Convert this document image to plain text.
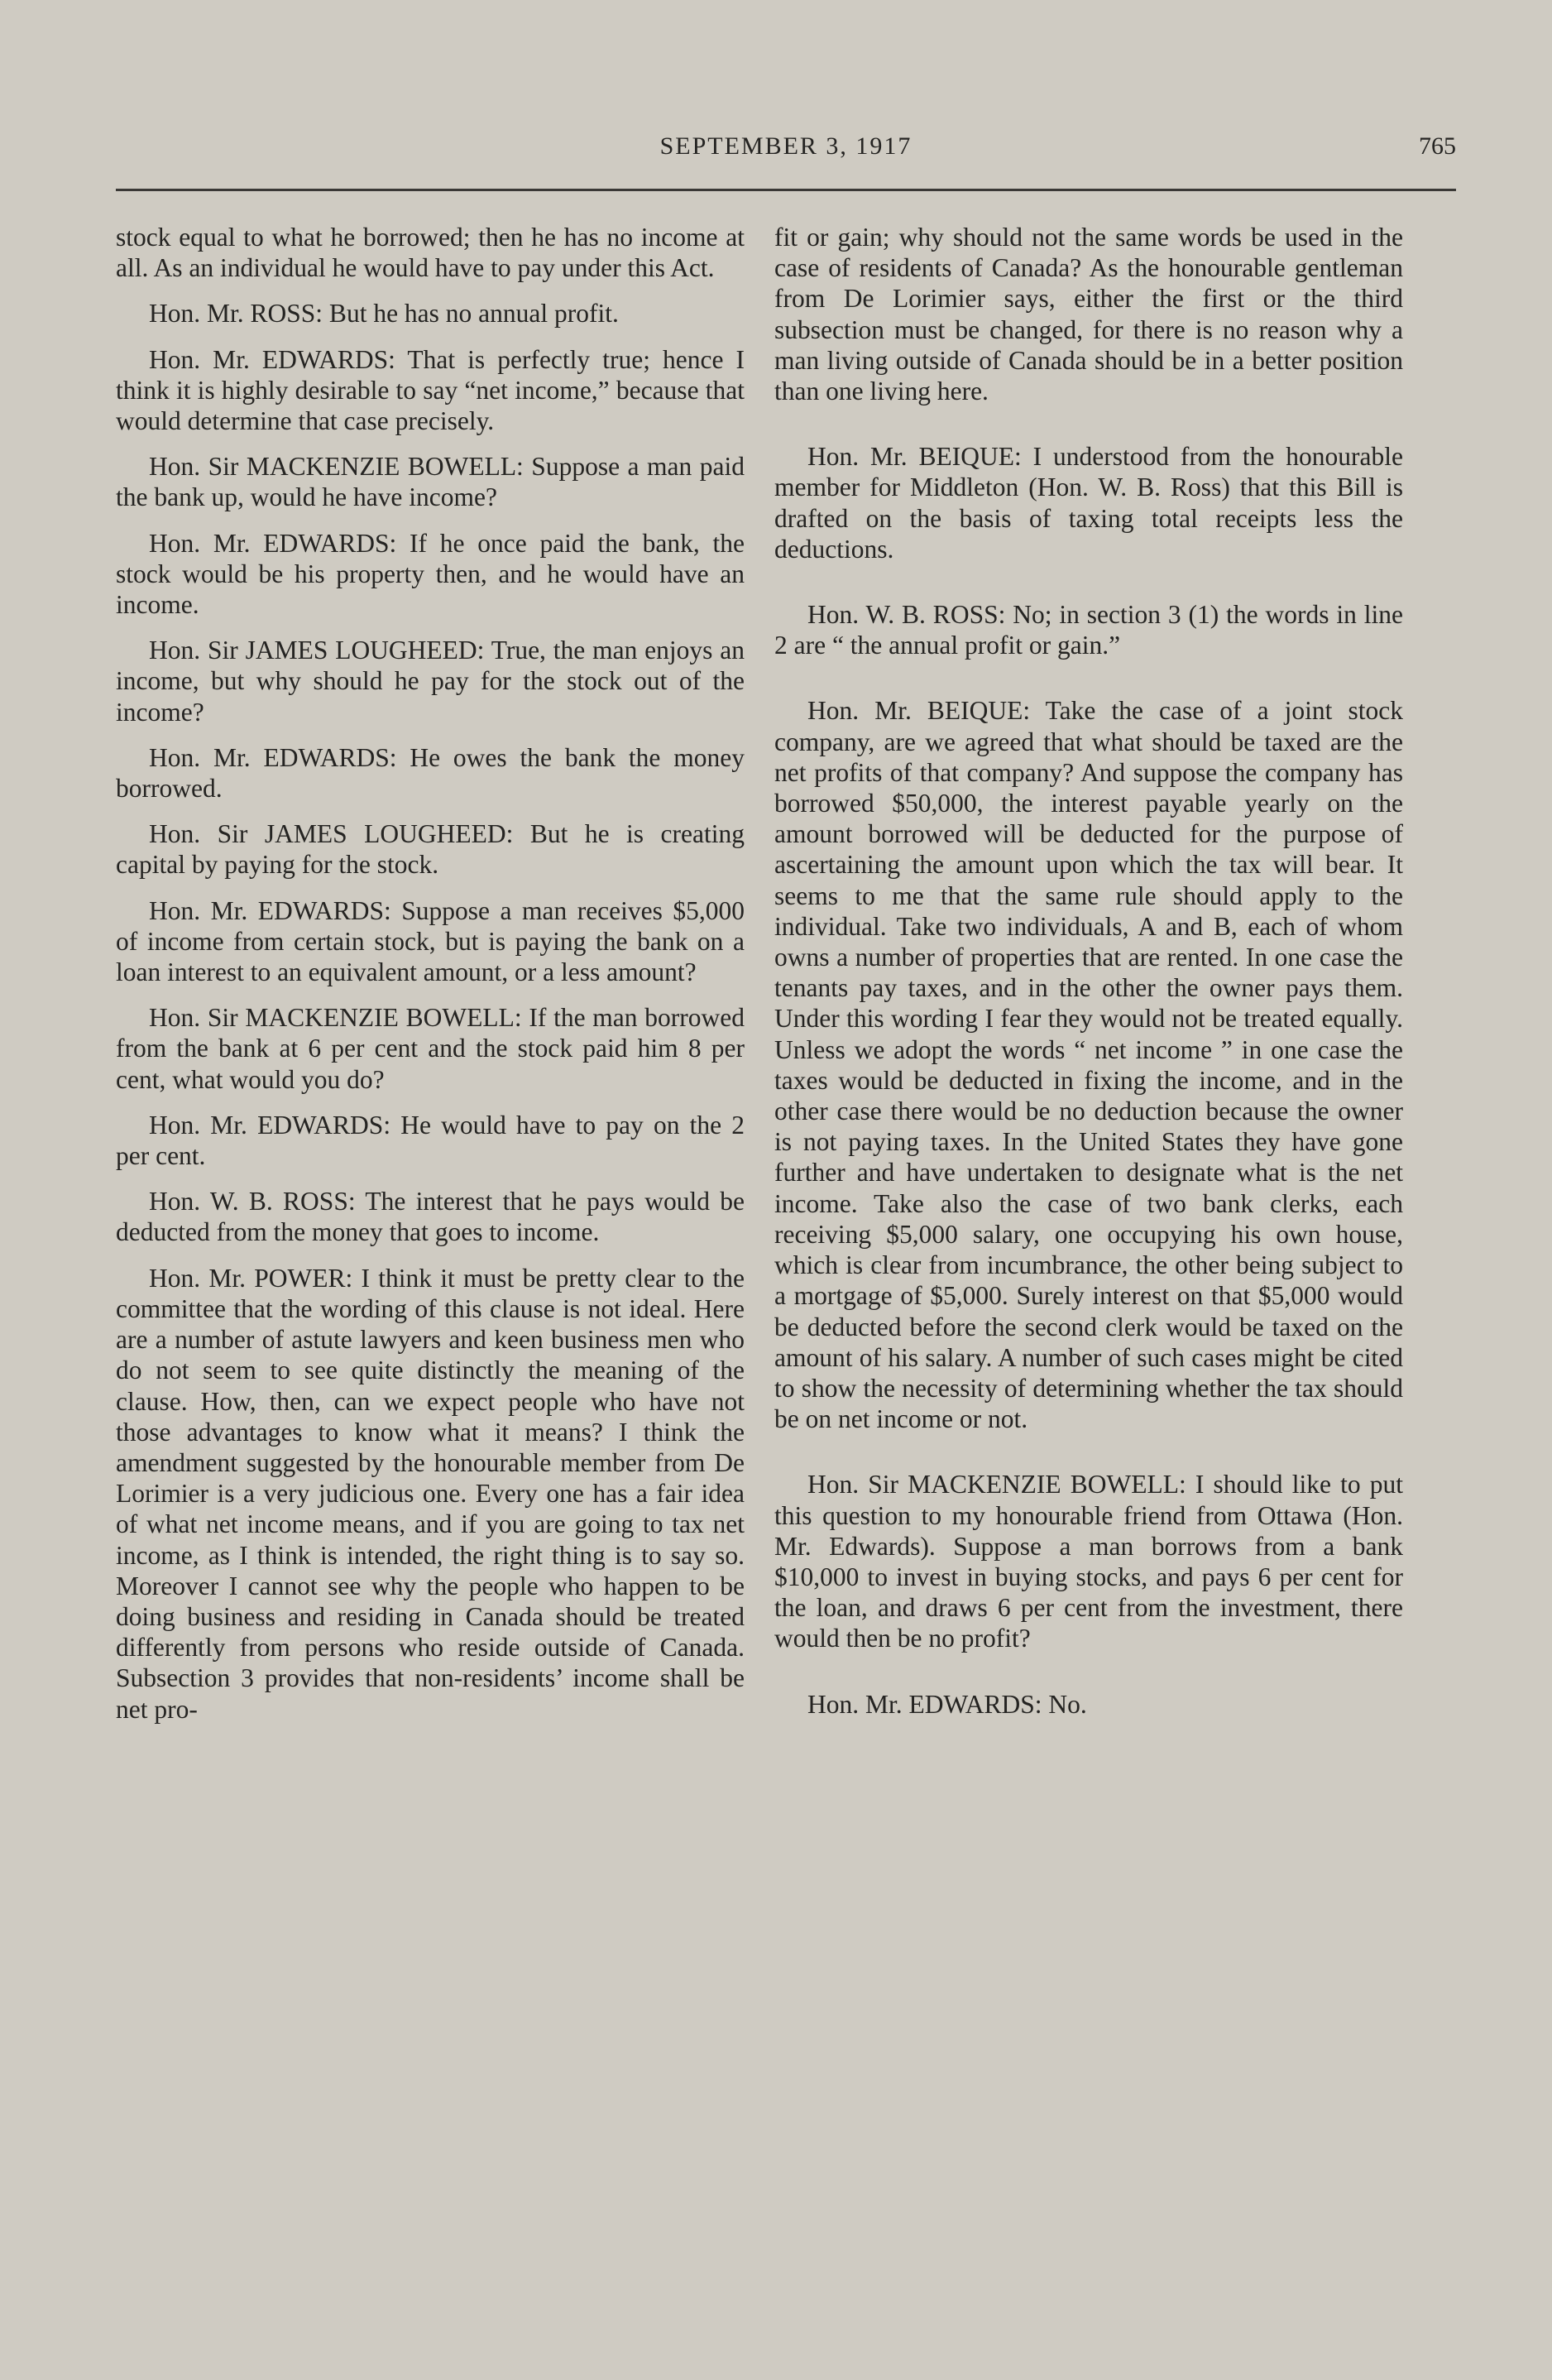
SEPTEMBER 3, 1917	765

stock equal to what he borrowed; then he has no income at all. As an individual he would have to pay under this Act.

Hon. Mr. ROSS: But he has no annual profit.

Hon. Mr. EDWARDS: That is perfectly true; hence I think it is highly desirable to say “net income,” because that would determine that case precisely.

Hon. Sir MACKENZIE BOWELL: Suppose a man paid the bank up, would he have income?

Hon. Mr. EDWARDS: If he once paid the bank, the stock would be his property then, and he would have an income.

Hon. Sir JAMES LOUGHEED: True, the man enjoys an income, but why should he pay for the stock out of the income?

Hon. Mr. EDWARDS: He owes the bank the money borrowed.

Hon. Sir JAMES LOUGHEED: But he is creating capital by paying for the stock.

Hon. Mr. EDWARDS: Suppose a man receives $5,000 of income from certain stock, but is paying the bank on a loan interest to an equivalent amount, or a less amount?

Hon. Sir MACKENZIE BOWELL: If the man borrowed from the bank at 6 per cent and the stock paid him 8 per cent, what would you do?

Hon. Mr. EDWARDS: He would have to pay on the 2 per cent.

Hon. W. B. ROSS: The interest that he pays would be deducted from the money that goes to income.

Hon. Mr. POWER: I think it must be pretty clear to the committee that the wording of this clause is not ideal. Here are a number of astute lawyers and keen business men who do not seem to see quite distinctly the meaning of the clause. How, then, can we expect people who have not those advantages to know what it means? I think the amendment suggested by the honourable member from De Lorimier is a very judicious one. Every one has a fair idea of what net income means, and if you are going to tax net income, as I think is intended, the right thing is to say so. Moreover I cannot see why the people who happen to be doing business and residing in Canada should be treated differently from persons who reside outside of Canada. Subsection 3 provides that non-residents’ income shall be net pro-

fit or gain; why should not the same words be used in the case of residents of Canada? As the honourable gentleman from De Lorimier says, either the first or the third subsection must be changed, for there is no reason why a man living outside of Canada should be in a better position than one living here.

Hon. Mr. BEIQUE: I understood from the honourable member for Middleton (Hon. W. B. Ross) that this Bill is drafted on the basis of taxing total receipts less the deductions.

Hon. W. B. ROSS: No; in section 3 (1) the words in line 2 are “ the annual profit or gain.”

Hon. Mr. BEIQUE: Take the case of a joint stock company, are we agreed that what should be taxed are the net profits of that company? And suppose the company has borrowed $50,000, the interest payable yearly on the amount borrowed will be deducted for the purpose of ascertaining the amount upon which the tax will bear. It seems to me that the same rule should apply to the individual. Take two individuals, A and B, each of whom owns a number of properties that are rented. In one case the tenants pay taxes, and in the other the owner pays them. Under this wording I fear they would not be treated equally. Unless we adopt the words “ net income ” in one case the taxes would be deducted in fixing the income, and in the other case there would be no deduction because the owner is not paying taxes. In the United States they have gone further and have undertaken to designate what is the net income. Take also the case of two bank clerks, each receiving $5,000 salary, one occupying his own house, which is clear from incumbrance, the other being subject to a mortgage of $5,000. Surely interest on that $5,000 would be deducted before the second clerk would be taxed on the amount of his salary. A number of such cases might be cited to show the necessity of determining whether the tax should be on net income or not.

Hon. Sir MACKENZIE BOWELL: I should like to put this question to my honourable friend from Ottawa (Hon. Mr. Edwards). Suppose a man borrows from a bank $10,000 to invest in buying stocks, and pays 6 per cent for the loan, and draws 6 per cent from the investment, there would then be no profit?

Hon. Mr. EDWARDS: No.
